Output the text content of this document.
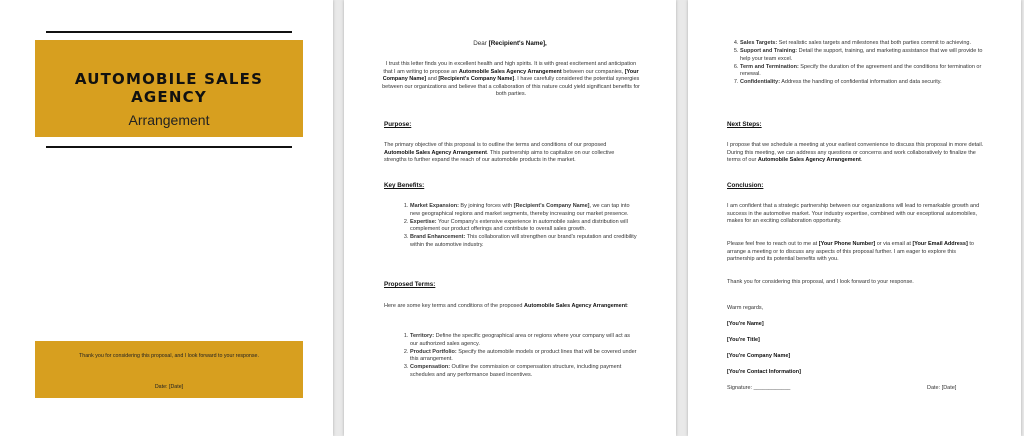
AUTOMOBILE SALES AGENCY
Arrangement
Thank you for considering this proposal, and I look forward to your response.
Date: [Date]
Dear [Recipient's Name],
I trust this letter finds you in excellent health and high spirits. It is with great excitement and anticipation that I am writing to propose an Automobile Sales Agency Arrangement between our companies, [Your Company Name] and [Recipient's Company Name]. I have carefully considered the potential synergies between our organizations and believe that a collaboration of this nature could yield significant benefits for both parties.
Purpose:
The primary objective of this proposal is to outline the terms and conditions of our proposed Automobile Sales Agency Arrangement. This partnership aims to capitalize on our collective strengths to further expand the reach of our automobile products in the market.
Key Benefits:
1. Market Expansion: By joining forces with [Recipient's Company Name], we can tap into new geographical regions and market segments, thereby increasing our market presence.
2. Expertise: Your Company's extensive experience in automobile sales and distribution will complement our product offerings and contribute to overall sales growth.
3. Brand Enhancement: This collaboration will strengthen our brand's reputation and credibility within the automotive industry.
Proposed Terms:
Here are some key terms and conditions of the proposed Automobile Sales Agency Arrangement:
1. Territory: Define the specific geographical area or regions where your company will act as our authorized sales agency.
2. Product Portfolio: Specify the automobile models or product lines that will be covered under this arrangement.
3. Compensation: Outline the commission or compensation structure, including payment schedules and any performance based incentives.
4. Sales Targets: Set realistic sales targets and milestones that both parties commit to achieving.
5. Support and Training: Detail the support, training, and marketing assistance that we will provide to help your team excel.
6. Term and Termination: Specify the duration of the agreement and the conditions for termination or renewal.
7. Confidentiality: Address the handling of confidential information and data security.
Next Steps:
I propose that we schedule a meeting at your earliest convenience to discuss this proposal in more detail. During this meeting, we can address any questions or concerns and work collaboratively to finalize the terms of our Automobile Sales Agency Arrangement.
Conclusion:
I am confident that a strategic partnership between our organizations will lead to remarkable growth and success in the automotive market. Your industry expertise, combined with our exceptional automobiles, makes for an exciting collaboration opportunity.
Please feel free to reach out to me at [Your Phone Number] or via email at [Your Email Address] to arrange a meeting or to discuss any aspects of this proposal further. I am eager to explore this partnership and its potential benefits with you.
Thank you for considering this proposal, and I look forward to your response.
Warm regards,
[You're Name]
[You're Title]
[You're Company Name]
[You're Contact Information]
Signature: ____________	Date: [Date]
